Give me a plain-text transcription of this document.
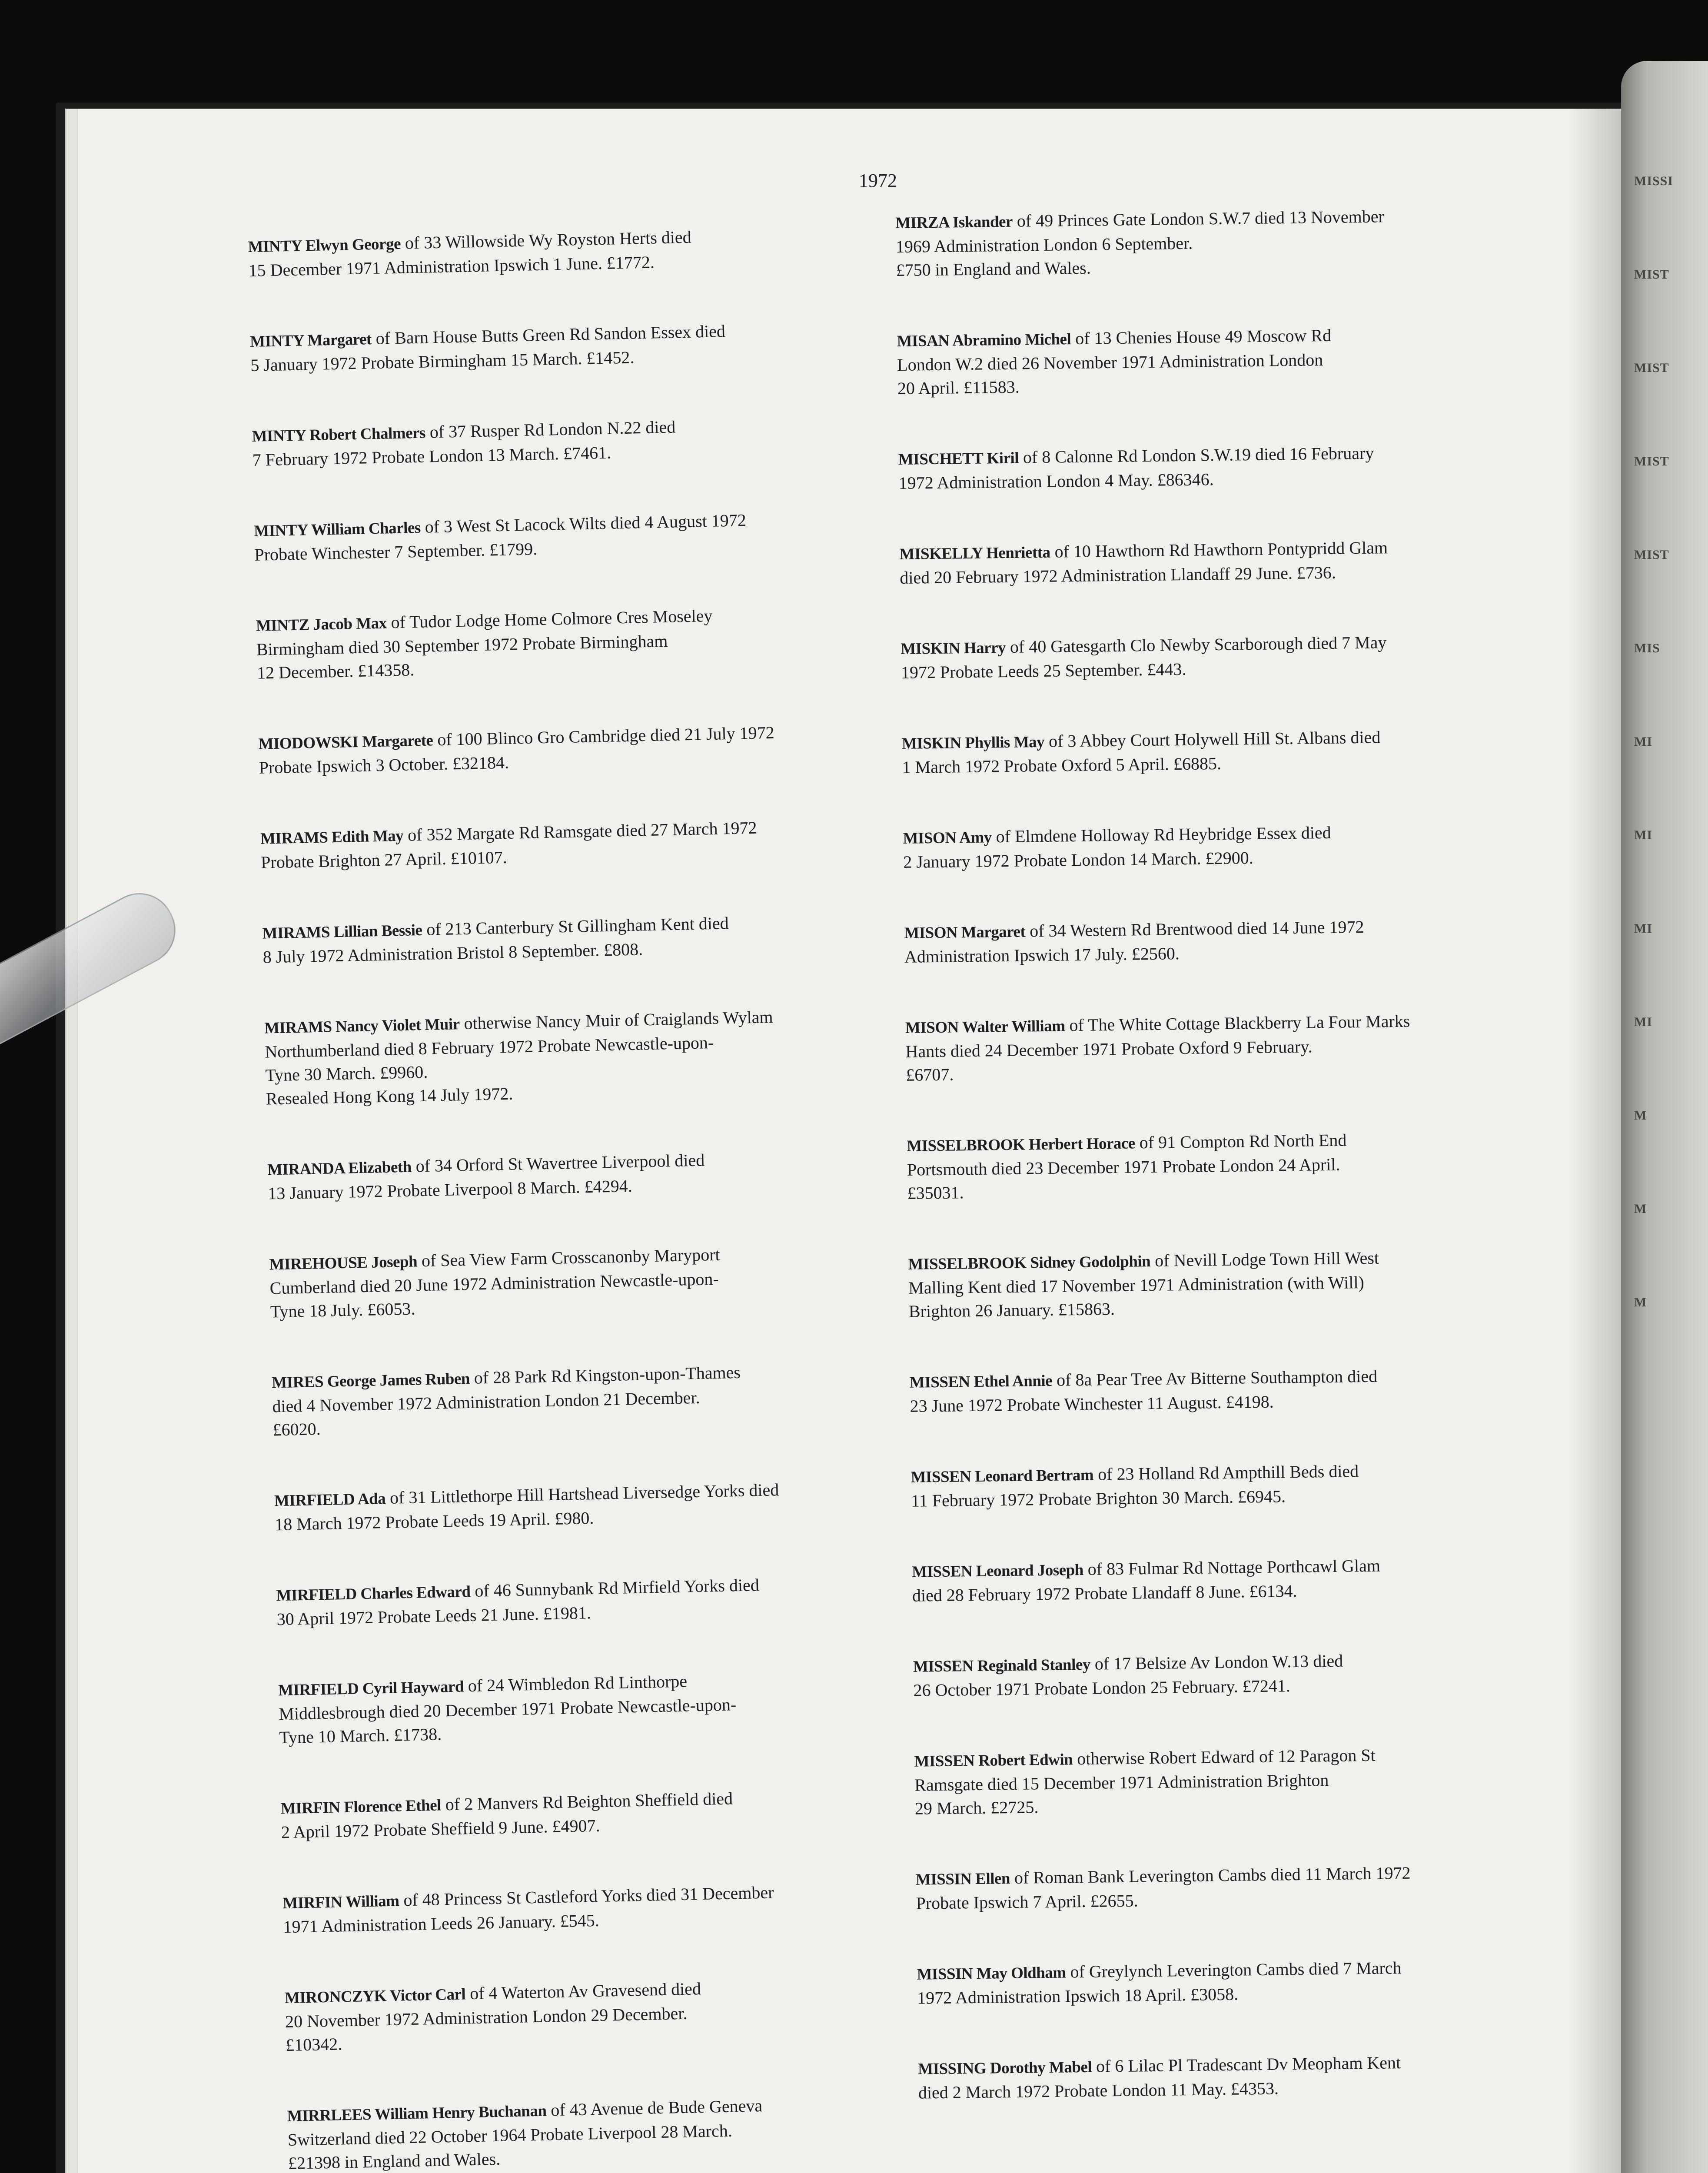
MISSI
MIST
MIST
MIST
MIST
MIS
MI
MI
MI
MI
M
M
M
1972

MINTY Elwyn George of 33 Willowside Wy Royston Herts died
15 December 1971 Administration Ipswich 1 June. £1772.

MINTY Margaret of Barn House Butts Green Rd Sandon Essex died
5 January 1972 Probate Birmingham 15 March. £1452.

MINTY Robert Chalmers of 37 Rusper Rd London N.22 died
7 February 1972 Probate London 13 March. £7461.

MINTY William Charles of 3 West St Lacock Wilts died 4 August 1972
Probate Winchester 7 September. £1799.

MINTZ Jacob Max of Tudor Lodge Home Colmore Cres Moseley
Birmingham died 30 September 1972 Probate Birmingham
12 December. £14358.

MIODOWSKI Margarete of 100 Blinco Gro Cambridge died 21 July 1972
Probate Ipswich 3 October. £32184.

MIRAMS Edith May of 352 Margate Rd Ramsgate died 27 March 1972
Probate Brighton 27 April. £10107.

MIRAMS Lillian Bessie of 213 Canterbury St Gillingham Kent died
8 July 1972 Administration Bristol 8 September. £808.

MIRAMS Nancy Violet Muir otherwise Nancy Muir of Craiglands Wylam
Northumberland died 8 February 1972 Probate Newcastle-upon-
Tyne 30 March. £9960.
Resealed Hong Kong 14 July 1972.

MIRANDA Elizabeth of 34 Orford St Wavertree Liverpool died
13 January 1972 Probate Liverpool 8 March. £4294.

MIREHOUSE Joseph of Sea View Farm Crosscanonby Maryport
Cumberland died 20 June 1972 Administration Newcastle-upon-
Tyne 18 July. £6053.

MIRES George James Ruben of 28 Park Rd Kingston-upon-Thames
died 4 November 1972 Administration London 21 December.
£6020.

MIRFIELD Ada of 31 Littlethorpe Hill Hartshead Liversedge Yorks died
18 March 1972 Probate Leeds 19 April. £980.

MIRFIELD Charles Edward of 46 Sunnybank Rd Mirfield Yorks died
30 April 1972 Probate Leeds 21 June. £1981.

MIRFIELD Cyril Hayward of 24 Wimbledon Rd Linthorpe
Middlesbrough died 20 December 1971 Probate Newcastle-upon-
Tyne 10 March. £1738.

MIRFIN Florence Ethel of 2 Manvers Rd Beighton Sheffield died
2 April 1972 Probate Sheffield 9 June. £4907.

MIRFIN William of 48 Princess St Castleford Yorks died 31 December
1971 Administration Leeds 26 January. £545.

MIRONCZYK Victor Carl of 4 Waterton Av Gravesend died
20 November 1972 Administration London 29 December.
£10342.

MIRRLEES William Henry Buchanan of 43 Avenue de Bude Geneva
Switzerland died 22 October 1964 Probate Liverpool 28 March.
£21398 in England and Wales.

MIRZA Iskander of 49 Princes Gate London S.W.7 died 13 November
1969 Administration London 6 September.
£750 in England and Wales.

MISAN Abramino Michel of 13 Chenies House 49 Moscow Rd
London W.2 died 26 November 1971 Administration London
20 April. £11583.

MISCHETT Kiril of 8 Calonne Rd London S.W.19 died 16 February
1972 Administration London 4 May. £86346.

MISKELLY Henrietta of 10 Hawthorn Rd Hawthorn Pontypridd Glam
died 20 February 1972 Administration Llandaff 29 June. £736.

MISKIN Harry of 40 Gatesgarth Clo Newby Scarborough died 7 May
1972 Probate Leeds 25 September. £443.

MISKIN Phyllis May of 3 Abbey Court Holywell Hill St. Albans died
1 March 1972 Probate Oxford 5 April. £6885.

MISON Amy of Elmdene Holloway Rd Heybridge Essex died
2 January 1972 Probate London 14 March. £2900.

MISON Margaret of 34 Western Rd Brentwood died 14 June 1972
Administration Ipswich 17 July. £2560.

MISON Walter William of The White Cottage Blackberry La Four Marks
Hants died 24 December 1971 Probate Oxford 9 February.
£6707.

MISSELBROOK Herbert Horace of 91 Compton Rd North End
Portsmouth died 23 December 1971 Probate London 24 April.
£35031.

MISSELBROOK Sidney Godolphin of Nevill Lodge Town Hill West
Malling Kent died 17 November 1971 Administration (with Will)
Brighton 26 January. £15863.

MISSEN Ethel Annie of 8a Pear Tree Av Bitterne Southampton died
23 June 1972 Probate Winchester 11 August. £4198.

MISSEN Leonard Bertram of 23 Holland Rd Ampthill Beds died
11 February 1972 Probate Brighton 30 March. £6945.

MISSEN Leonard Joseph of 83 Fulmar Rd Nottage Porthcawl Glam
died 28 February 1972 Probate Llandaff 8 June. £6134.

MISSEN Reginald Stanley of 17 Belsize Av London W.13 died
26 October 1971 Probate London 25 February. £7241.

MISSEN Robert Edwin otherwise Robert Edward of 12 Paragon St
Ramsgate died 15 December 1971 Administration Brighton
29 March. £2725.

MISSIN Ellen of Roman Bank Leverington Cambs died 11 March 1972
Probate Ipswich 7 April. £2655.

MISSIN May Oldham of Greylynch Leverington Cambs died 7 March
1972 Administration Ipswich 18 April. £3058.

MISSING Dorothy Mabel of 6 Lilac Pl Tradescant Dv Meopham Kent
died 2 March 1972 Probate London 11 May. £4353.
